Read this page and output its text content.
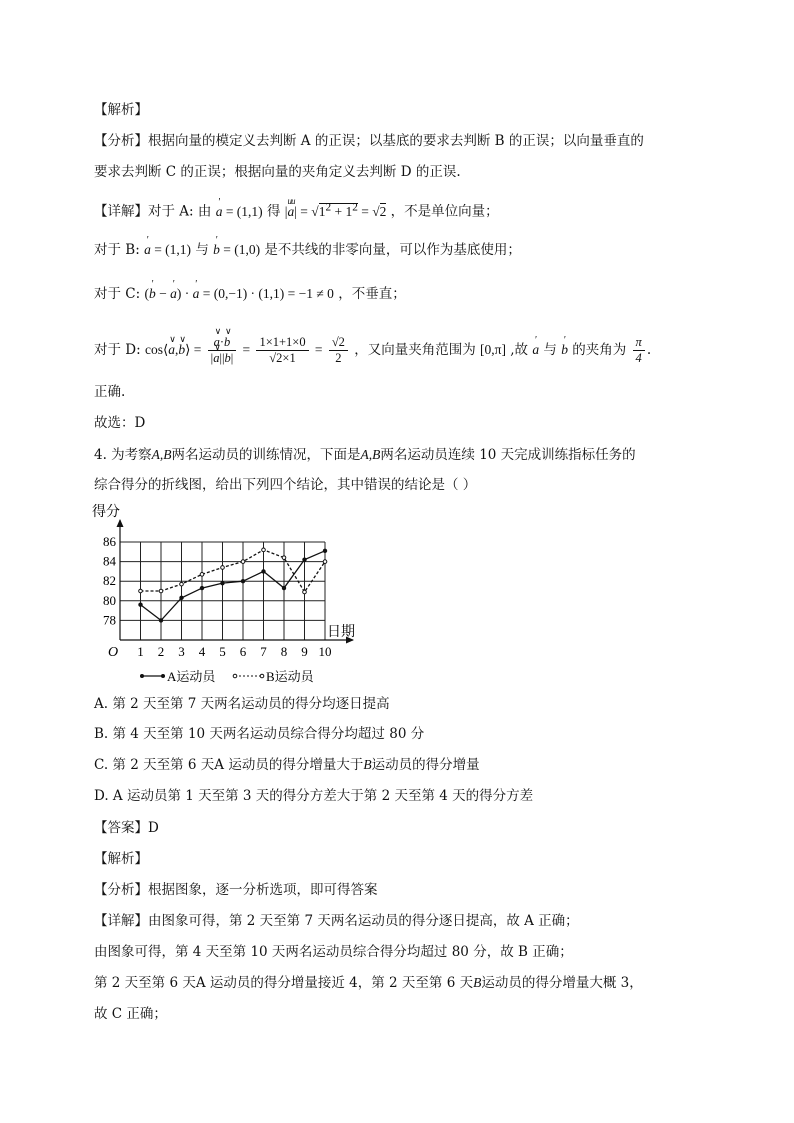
【解析】
【分析】根据向量的模定义去判断 A 的正误；以基底的要求去判断 B 的正误；以向量垂直的
要求去判断 C 的正误；根据向量的夹角定义去判断 D 的正误.
【详解】对于 A: 由 ' a = (1,1) 得 |uu $a| = √1^2 + 1^2 = √2$ ，不是单位向量；
对于 B: ' a = (1,1) 与 ' b = (1,0) 是不共线的非零向量，可以作为基底使用；
对于 C: (' b − ' a) · ' a = (0,−1) · (1,1) = −1 ≠ 0 ，不垂直；
对于 D: cos⟨∨ a,∨ b⟩ = ∨ $\frac{a\cdot\vee b}{|\vee a||b|} = \frac{1\times 1+1\times 0}{√2\times 1} = \frac{√2}{2}$ ，又向量夹角范围为 [0,π] ,故 ' a 与 ' b 的夹角为 $\frac{\pi}{4}$ .
正确.
故选：D
4. 为考察A,B两名运动员的训练情况，下面是A,B两名运动员连续 10 天完成训练指标任务的
综合得分的折线图，给出下列四个结论，其中错误的结论是（ ）
78
80
82
84
86
1 2 3 4 5 6 7 8 9 10
O
得分
日期
A运动员	B运动员
A. 第 2 天至第 7 天两名运动员的得分均逐日提高
B. 第 4 天至第 10 天两名运动员综合得分均超过 80 分
C. 第 2 天至第 6 天A 运动员的得分增量大于B运动员的得分增量
D. A 运动员第 1 天至第 3 天的得分方差大于第 2 天至第 4 天的得分方差
【答案】D
【解析】
【分析】根据图象，逐一分析选项，即可得答案
【详解】由图象可得，第 2 天至第 7 天两名运动员的得分逐日提高，故 A 正确；
由图象可得，第 4 天至第 10 天两名运动员综合得分均超过 80 分，故 B 正确；
第 2 天至第 6 天A 运动员的得分增量接近 4，第 2 天至第 6 天B运动员的得分增量大概 3，
故 C 正确；
